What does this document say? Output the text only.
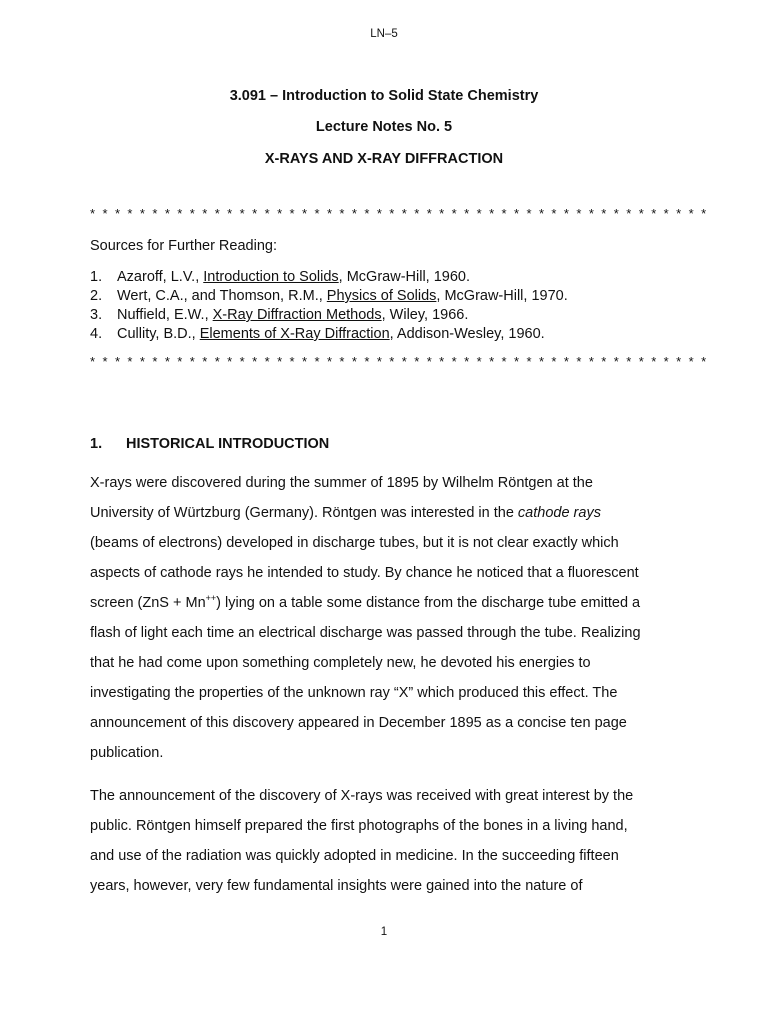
LN–5

3.091 – Introduction to Solid State Chemistry

Lecture Notes No. 5

X-RAYS AND X-RAY DIFFRACTION

* * * * * * * * * * * * * * * * * * * * * * * * * * * * * * * * * * * * * * * * * * * * * * * * * *

Sources for Further Reading:

1. Azaroff, L.V., Introduction to Solids, McGraw-Hill, 1960.
2. Wert, C.A., and Thomson, R.M., Physics of Solids, McGraw-Hill, 1970.
3. Nuffield, E.W., X-Ray Diffraction Methods, Wiley, 1966.
4. Cullity, B.D., Elements of X-Ray Diffraction, Addison-Wesley, 1960.

* * * * * * * * * * * * * * * * * * * * * * * * * * * * * * * * * * * * * * * * * * * * * * * * * *

1. HISTORICAL INTRODUCTION

X-rays were discovered during the summer of 1895 by Wilhelm Röntgen at the
University of Würtzburg (Germany). Röntgen was interested in the cathode rays
(beams of electrons) developed in discharge tubes, but it is not clear exactly which
aspects of cathode rays he intended to study. By chance he noticed that a fluorescent
screen (ZnS + Mn++) lying on a table some distance from the discharge tube emitted a
flash of light each time an electrical discharge was passed through the tube. Realizing
that he had come upon something completely new, he devoted his energies to
investigating the properties of the unknown ray “X” which produced this effect. The
announcement of this discovery appeared in December 1895 as a concise ten page
publication.
The announcement of the discovery of X-rays was received with great interest by the
public. Röntgen himself prepared the first photographs of the bones in a living hand,
and use of the radiation was quickly adopted in medicine. In the succeeding fifteen
years, however, very few fundamental insights were gained into the nature of

1
